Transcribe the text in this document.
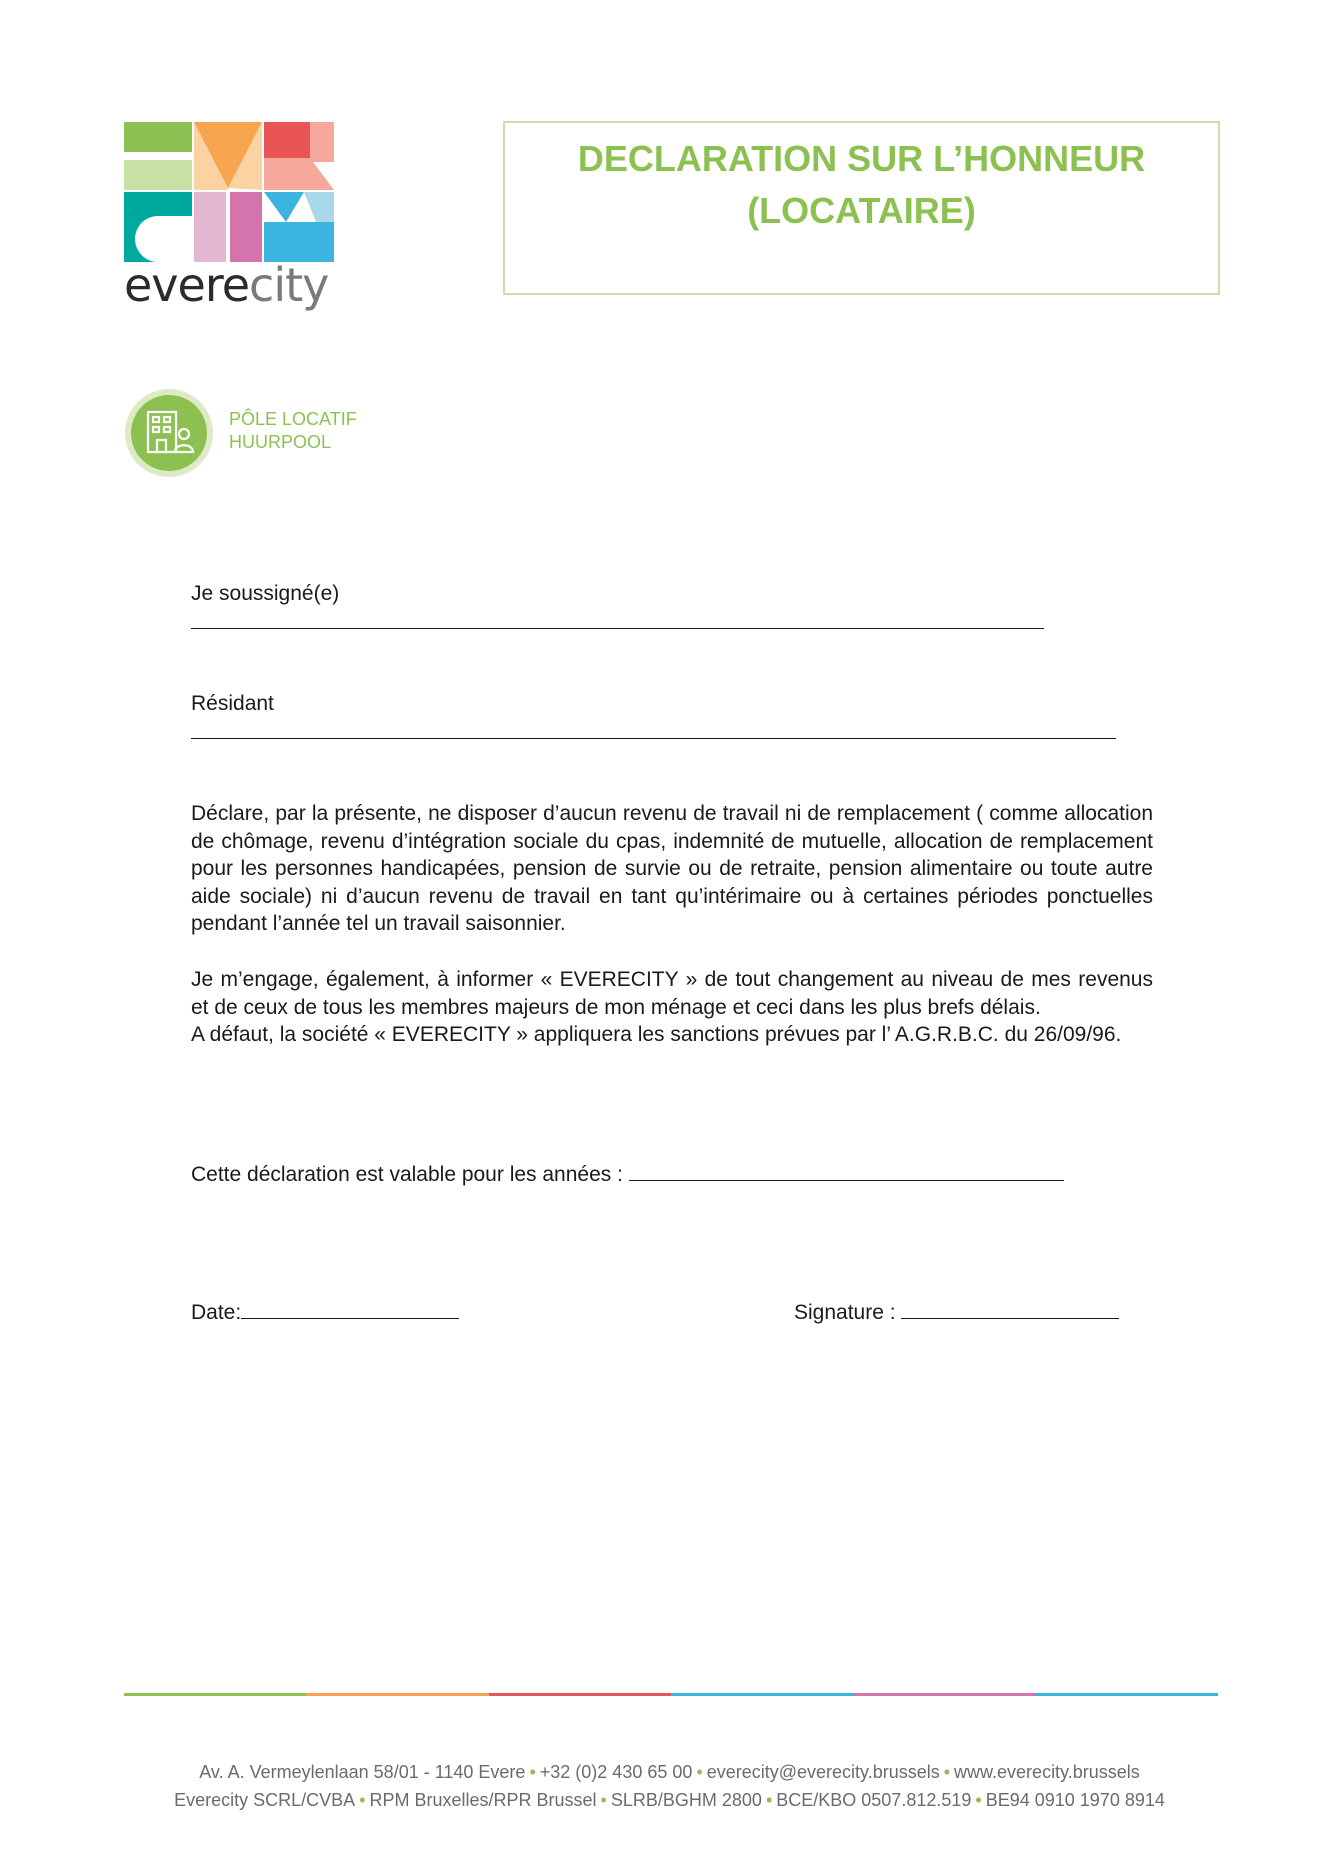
everecity
DECLARATION SUR L’HONNEUR
(LOCATAIRE)
PÔLE LOCATIF
HUURPOOL
Je soussigné(e)
Résidant

Déclare, par la présente, ne disposer d’aucun revenu de travail ni de remplacement ( comme allocation de chômage, revenu d’intégration sociale du cpas, indemnité de mutuelle, allocation de remplacement pour les personnes handicapées, pension de survie ou de retraite, pension alimentaire ou toute autre aide sociale) ni d’aucun revenu de travail en tant qu’intérimaire ou à certaines périodes ponctuelles pendant l’année tel un travail saisonnier.

Je m’engage, également, à informer « EVERECITY » de tout changement au niveau de mes revenus et de ceux de tous les membres majeurs de mon ménage et ceci dans les plus brefs délais.

A défaut, la société « EVERECITY » appliquera les sanctions prévues par l’ A.G.R.B.C. du 26/09/96.

Cette déclaration est valable pour les années :
Date:	Signature :
Av. A. Vermeylenlaan 58/01 - 1140 Evere • +32 (0)2 430 65 00 • everecity@everecity.brussels • www.everecity.brussels
Everecity SCRL/CVBA • RPM Bruxelles/RPR Brussel • SLRB/BGHM 2800 • BCE/KBO 0507.812.519 • BE94 0910 1970 8914
